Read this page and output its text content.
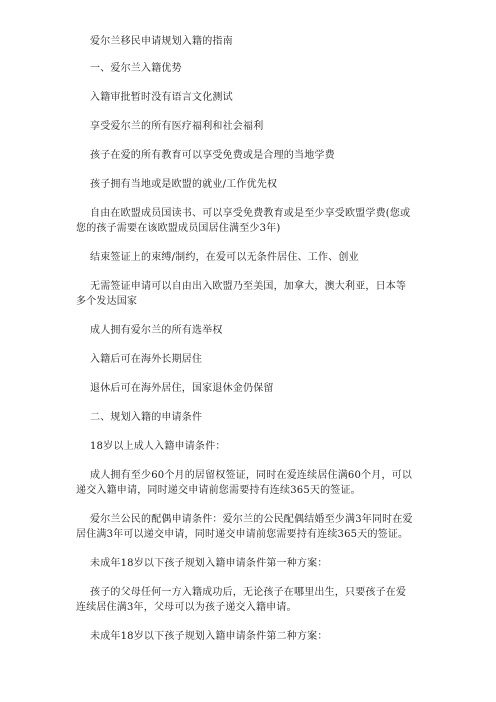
爱尔兰移民申请规划入籍的指南

一、爱尔兰入籍优势

入籍审批暂时没有语言文化测试

享受爱尔兰的所有医疗福利和社会福利

孩子在爱的所有教育可以享受免费或是合理的当地学费

孩子拥有当地或是欧盟的就业/工作优先权

自由在欧盟成员国读书、可以享受免费教育或是至少享受欧盟学费(您或您的孩子需要在该欧盟成员国居住满至少3年)

结束签证上的束缚/制约，在爱可以无条件居住、工作、创业

无需签证申请可以自由出入欧盟乃至美国，加拿大，澳大利亚，日本等多个发达国家

成人拥有爱尔兰的所有选举权

入籍后可在海外长期居住

退休后可在海外居住，国家退休金仍保留

二、规划入籍的申请条件

18岁以上成人入籍申请条件：

成人拥有至少60个月的居留权签证，同时在爱连续居住满60个月，可以递交入籍申请，同时递交申请前您需要持有连续365天的签证。

爱尔兰公民的配偶申请条件：爱尔兰的公民配偶结婚至少满3年同时在爱居住满3年可以递交申请，同时递交申请前您需要持有连续365天的签证。

未成年18岁以下孩子规划入籍申请条件第一种方案：

孩子的父母任何一方入籍成功后，无论孩子在哪里出生，只要孩子在爱连续居住满3年，父母可以为孩子递交入籍申请。

未成年18岁以下孩子规划入籍申请条件第二种方案：
